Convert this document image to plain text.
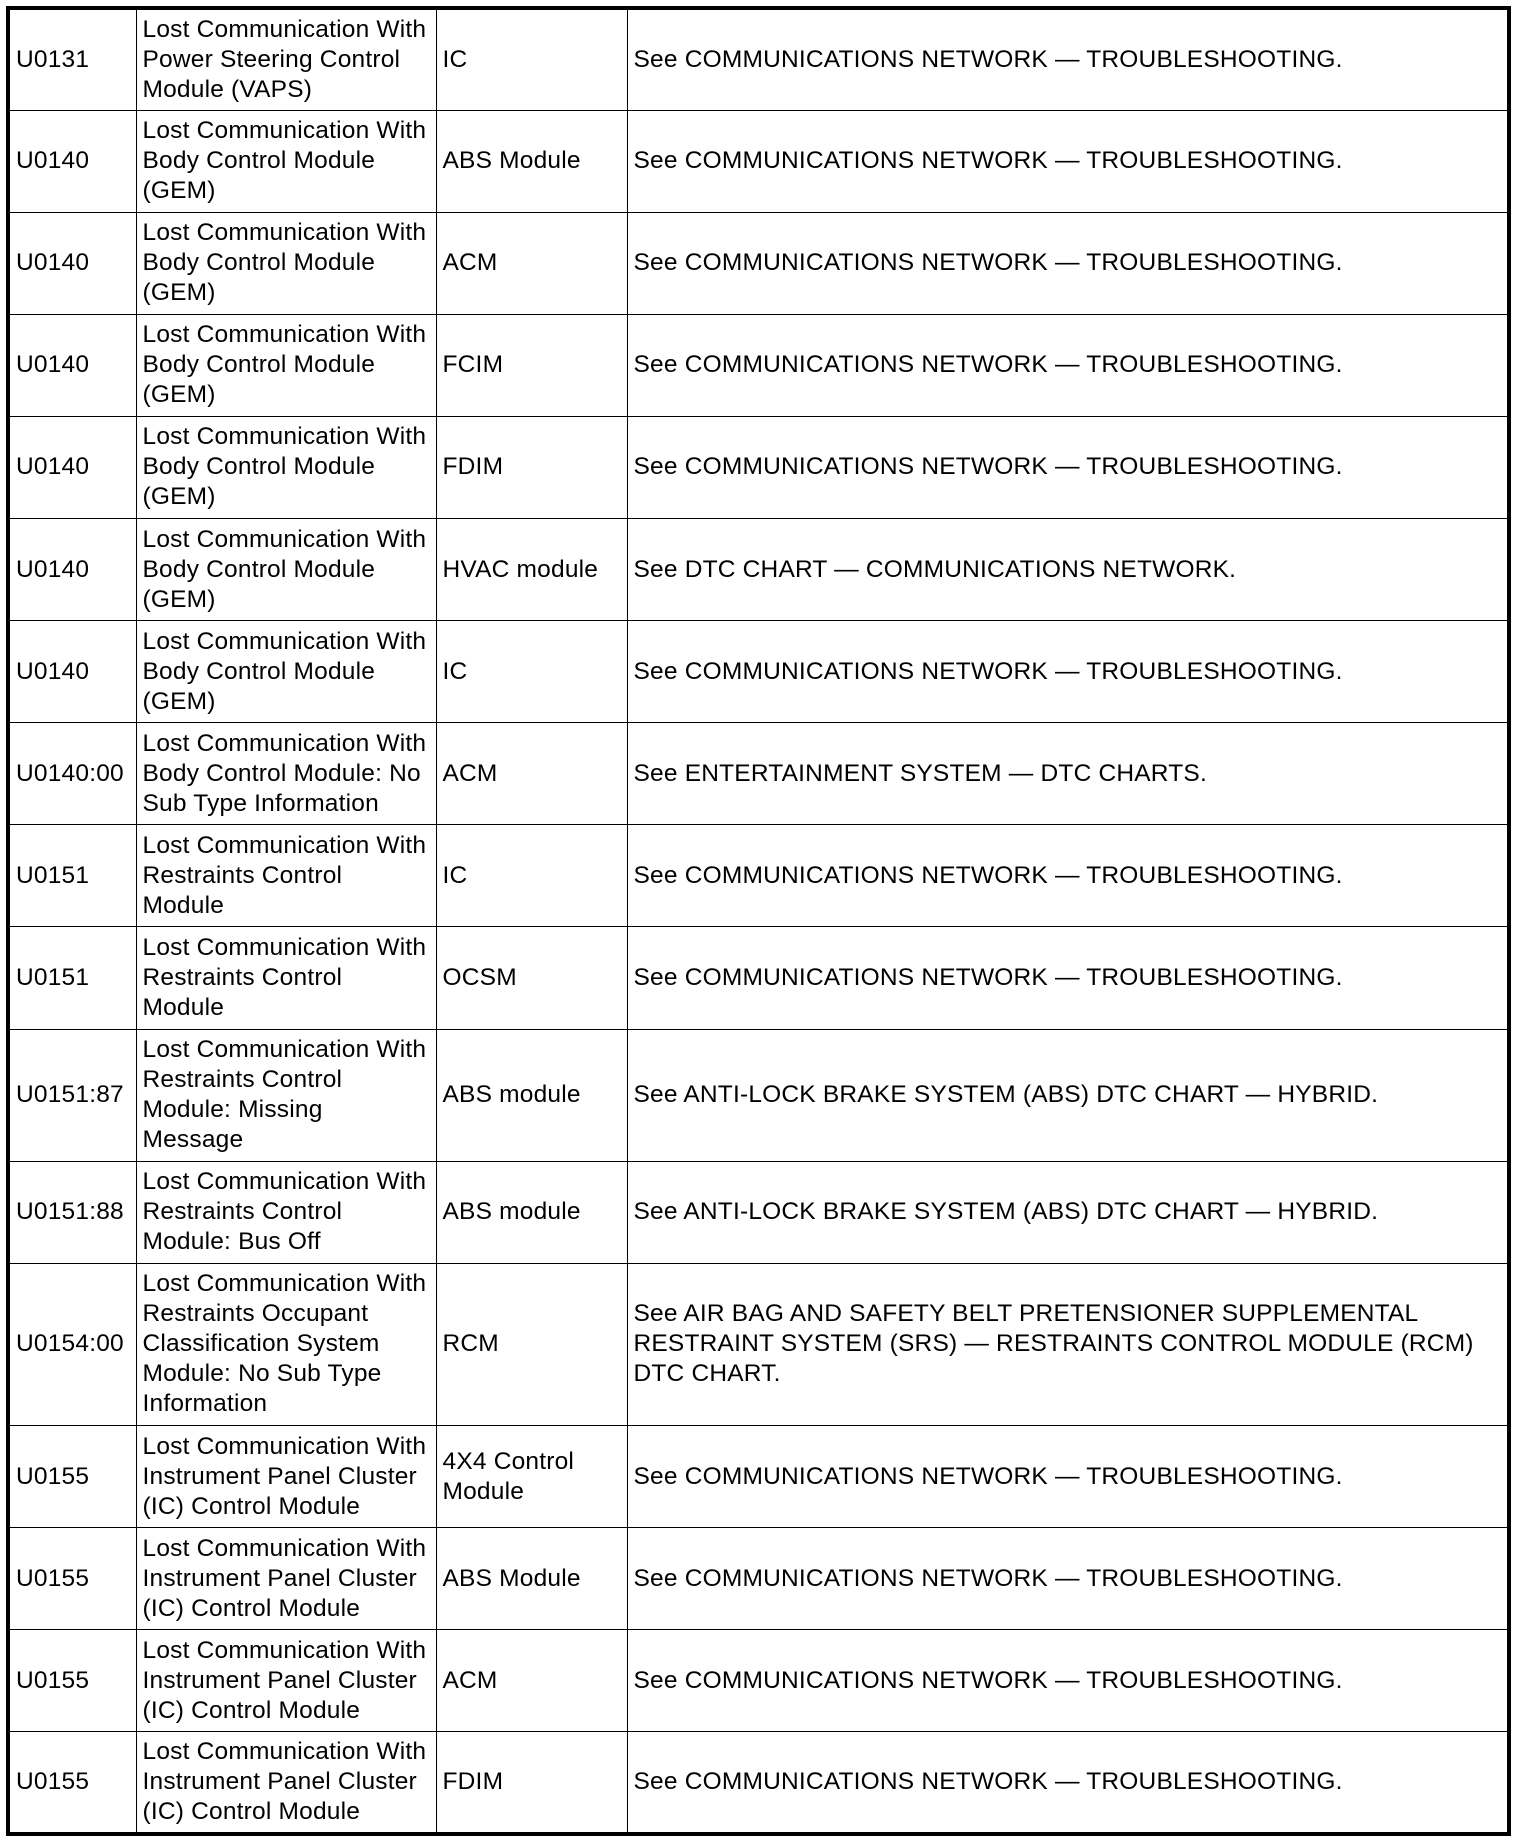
U0131	Lost Communication With
Power Steering Control
Module (VAPS)	IC	See COMMUNICATIONS NETWORK — TROUBLESHOOTING.
U0140	Lost Communication With
Body Control Module
(GEM)	ABS Module	See COMMUNICATIONS NETWORK — TROUBLESHOOTING.
U0140	Lost Communication With
Body Control Module
(GEM)	ACM	See COMMUNICATIONS NETWORK — TROUBLESHOOTING.
U0140	Lost Communication With
Body Control Module
(GEM)	FCIM	See COMMUNICATIONS NETWORK — TROUBLESHOOTING.
U0140	Lost Communication With
Body Control Module
(GEM)	FDIM	See COMMUNICATIONS NETWORK — TROUBLESHOOTING.
U0140	Lost Communication With
Body Control Module
(GEM)	HVAC module	See DTC CHART — COMMUNICATIONS NETWORK.
U0140	Lost Communication With
Body Control Module
(GEM)	IC	See COMMUNICATIONS NETWORK — TROUBLESHOOTING.
U0140:00	Lost Communication With
Body Control Module: No
Sub Type Information	ACM	See ENTERTAINMENT SYSTEM — DTC CHARTS.
U0151	Lost Communication With
Restraints Control
Module	IC	See COMMUNICATIONS NETWORK — TROUBLESHOOTING.
U0151	Lost Communication With
Restraints Control
Module	OCSM	See COMMUNICATIONS NETWORK — TROUBLESHOOTING.
U0151:87	Lost Communication With
Restraints Control
Module: Missing
Message	ABS module	See ANTI-LOCK BRAKE SYSTEM (ABS) DTC CHART — HYBRID.
U0151:88	Lost Communication With
Restraints Control
Module: Bus Off	ABS module	See ANTI-LOCK BRAKE SYSTEM (ABS) DTC CHART — HYBRID.
U0154:00	Lost Communication With
Restraints Occupant
Classification System
Module: No Sub Type
Information	RCM	See AIR BAG AND SAFETY BELT PRETENSIONER SUPPLEMENTAL
RESTRAINT SYSTEM (SRS) — RESTRAINTS CONTROL MODULE (RCM)
DTC CHART.
U0155	Lost Communication With
Instrument Panel Cluster
(IC) Control Module	4X4 Control
Module	See COMMUNICATIONS NETWORK — TROUBLESHOOTING.
U0155	Lost Communication With
Instrument Panel Cluster
(IC) Control Module	ABS Module	See COMMUNICATIONS NETWORK — TROUBLESHOOTING.
U0155	Lost Communication With
Instrument Panel Cluster
(IC) Control Module	ACM	See COMMUNICATIONS NETWORK — TROUBLESHOOTING.
U0155	Lost Communication With
Instrument Panel Cluster
(IC) Control Module	FDIM	See COMMUNICATIONS NETWORK — TROUBLESHOOTING.
